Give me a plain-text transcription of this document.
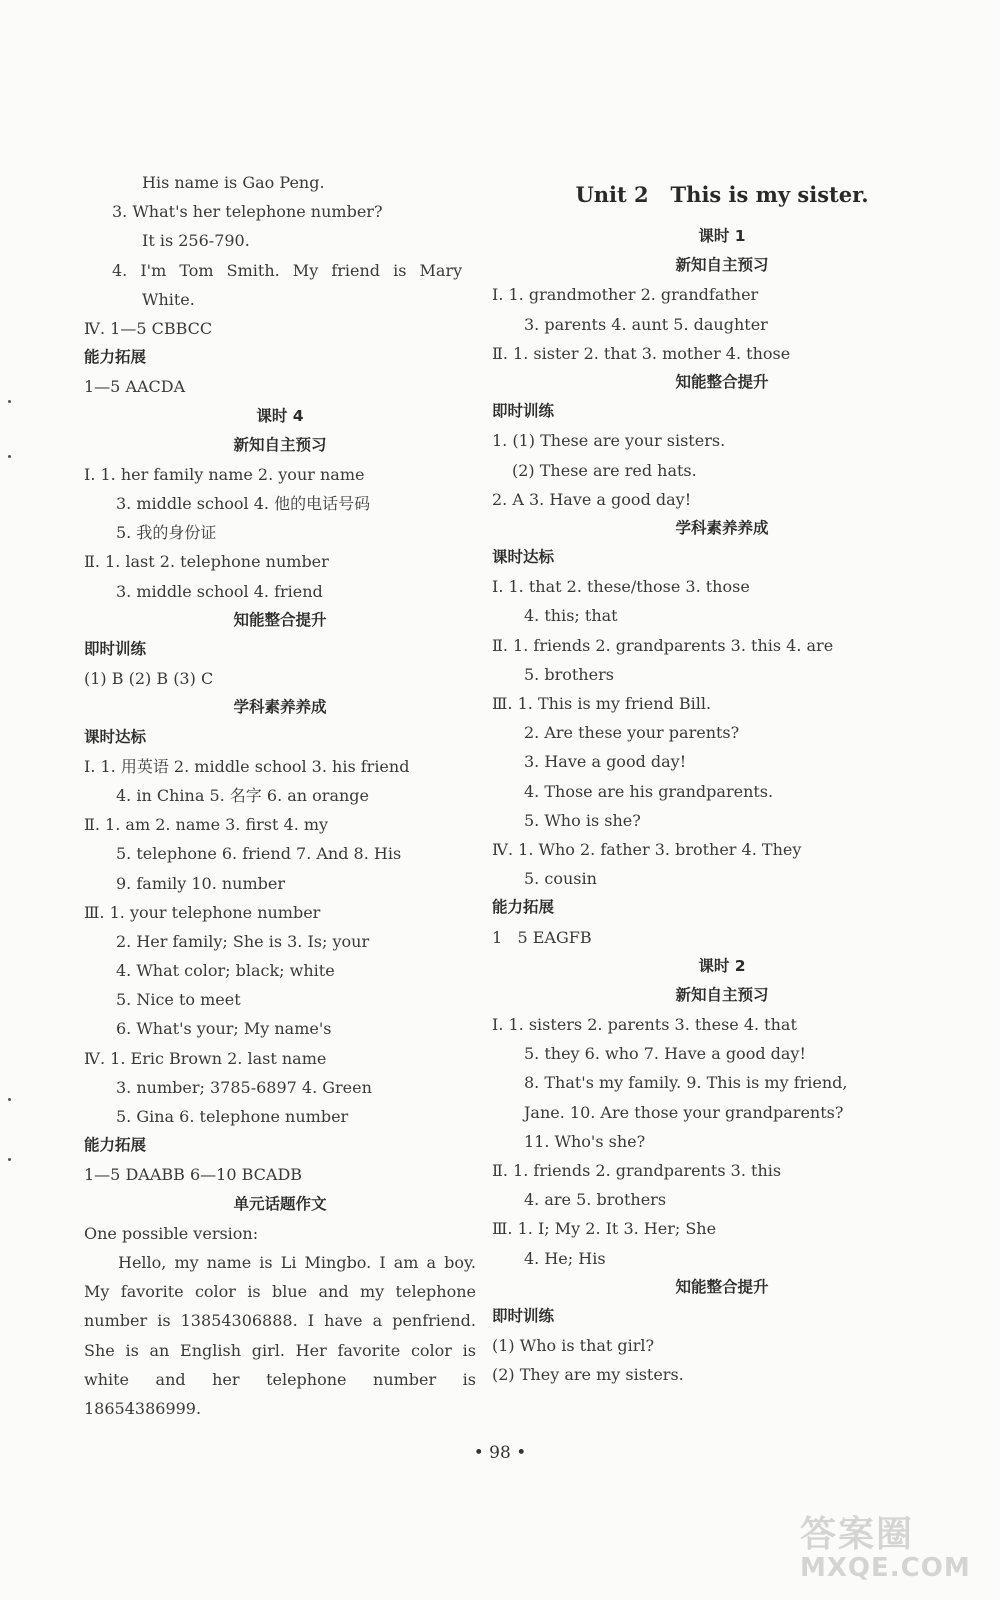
His name is Gao Peng.
3. What's her telephone number?
It is 256-790.
4. I'm Tom Smith. My friend is Mary
White.
Ⅳ. 1—5 CBBCC
能力拓展
1—5 AACDA
课时 4
新知自主预习
Ⅰ. 1. her family name 2. your name
3. middle school 4. 他的电话号码
5. 我的身份证
Ⅱ. 1. last 2. telephone number
3. middle school 4. friend
知能整合提升
即时训练
(1) B (2) B (3) C
学科素养养成
课时达标
Ⅰ. 1. 用英语 2. middle school 3. his friend
4. in China 5. 名字 6. an orange
Ⅱ. 1. am 2. name 3. first 4. my
5. telephone 6. friend 7. And 8. His
9. family 10. number
Ⅲ. 1. your telephone number
2. Her family; She is 3. Is; your
4. What color; black; white
5. Nice to meet
6. What's your; My name's
Ⅳ. 1. Eric Brown 2. last name
3. number; 3785-6897 4. Green
5. Gina 6. telephone number
能力拓展
1—5 DAABB 6—10 BCADB
单元话题作文
One possible version:

Hello, my name is Li Mingbo. I am a boy. My favorite color is blue and my telephone number is 13854306888. I have a penfriend. She is an English girl. Her favorite color is white and her telephone number is 18654386999.

Unit 2   This is my sister.
课时 1
新知自主预习
Ⅰ. 1. grandmother 2. grandfather
3. parents 4. aunt 5. daughter
Ⅱ. 1. sister 2. that 3. mother 4. those
知能整合提升
即时训练
1. (1) These are your sisters.
(2) These are red hats.
2. A 3. Have a good day!
学科素养养成
课时达标
Ⅰ. 1. that 2. these/those 3. those
4. this; that
Ⅱ. 1. friends 2. grandparents 3. this 4. are
5. brothers
Ⅲ. 1. This is my friend Bill.
2. Are these your parents?
3. Have a good day!
4. Those are his grandparents.
5. Who is she?
Ⅳ. 1. Who 2. father 3. brother 4. They
5. cousin
能力拓展
1   5 EAGFB
课时 2
新知自主预习
Ⅰ. 1. sisters 2. parents 3. these 4. that
5. they 6. who 7. Have a good day!
8. That's my family. 9. This is my friend,
Jane. 10. Are those your grandparents?
11. Who's she?
Ⅱ. 1. friends 2. grandparents 3. this
4. are 5. brothers
Ⅲ. 1. I; My 2. It 3. Her; She
4. He; His
知能整合提升
即时训练
(1) Who is that girl?
(2) They are my sisters.
• 98 •
答案圈
MXQE.COM
